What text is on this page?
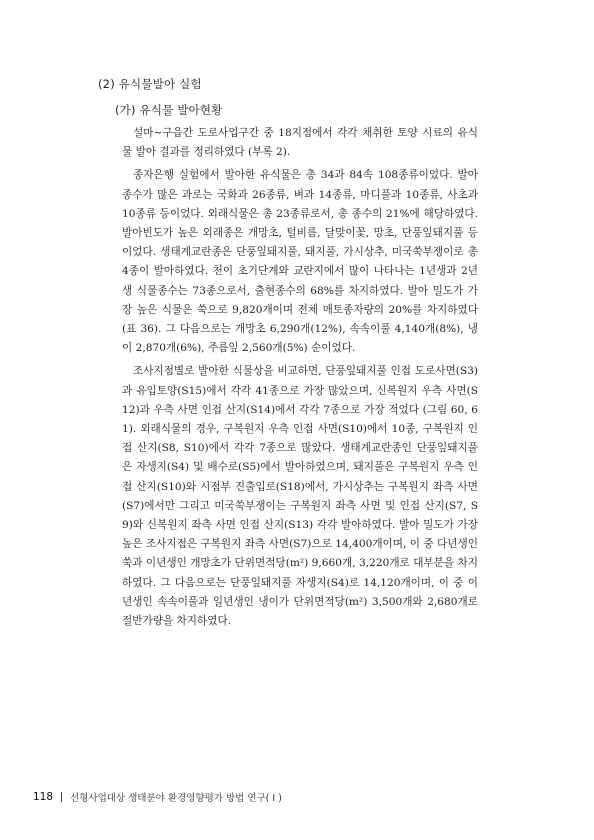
(2) 유식물발아 실험
(가) 유식물 발아현황

설마~구읍간 도로사업구간 중 18지점에서 각각 채취한 토양 시료의 유식물 발아 결과를 정리하였다 (부록 2).

종자은행 실험에서 발아한 유식물은 총 34과 84속 108종류이었다. 발아 종수가 많은 과로는 국화과 26종류, 벼과 14종류, 마디풀과 10종류, 사초과 10종류 등이었다. 외래식물은 총 23종류로서, 총 종수의 21%에 해당하였다. 발아빈도가 높은 외래종은 개망초, 털비름, 달맞이꽃, 망초, 단풍잎돼지풀 등이었다. 생태계교란종은 단풍잎돼지풀, 돼지풀, 가시상추, 미국쑥부쟁이로 총 4종이 발아하였다. 천이 초기단계와 교란지에서 많이 나타나는 1년생과 2년생 식물종수는 73종으로서, 출현종수의 68%를 차지하였다. 발아 밀도가 가장 높은 식물은 쑥으로 9,820개이며 전체 매토종자량의 20%를 차지하였다 (표 36). 그 다음으로는 개망초 6,290개(12%), 속속이풀 4,140개(8%), 냉이 2,870개(6%), 주름잎 2,560개(5%) 순이었다.

조사지점별로 발아한 식물상을 비교하면, 단풍잎돼지풀 인접 도로사면(S3)과 유입토양(S15)에서 각각 41종으로 가장 많았으며, 신복원지 우측 사면(S12)과 우측 사면 인접 산지(S14)에서 각각 7종으로 가장 적었다 (그림 60, 61). 외래식물의 경우, 구복원지 우측 인접 사면(S10)에서 10종, 구복원지 인접 산지(S8, S10)에서 각각 7종으로 많았다. 생태계교란종인 단풍잎돼지풀은 자생지(S4) 및 배수로(S5)에서 발아하였으며, 돼지풀은 구복원지 우측 인접 산지(S10)와 시점부 진출입로(S18)에서, 가시상추는 구복원지 좌측 사면(S7)에서만 그리고 미국쑥부쟁이는 구복원지 좌측 사면 및 인접 산지(S7, S9)와 신복원지 좌측 사면 인접 산지(S13) 각각 발아하였다. 발아 밀도가 가장 높은 조사지점은 구복원지 좌측 사면(S7)으로 14,400개이며, 이 중 다년생인 쑥과 이년생인 개망초가 단위면적당(m²) 9,660개, 3,220개로 대부분을 차지하였다. 그 다음으로는 단풍잎돼지풀 자생지(S4)로 14,120개이며, 이 중 이년생인 속속이풀과 일년생인 냉이가 단위면적당(m²) 3,500개와 2,680개로 절반가량을 차지하였다.

118 선형사업대상 생태분야 환경영향평가 방법 연구( I )
